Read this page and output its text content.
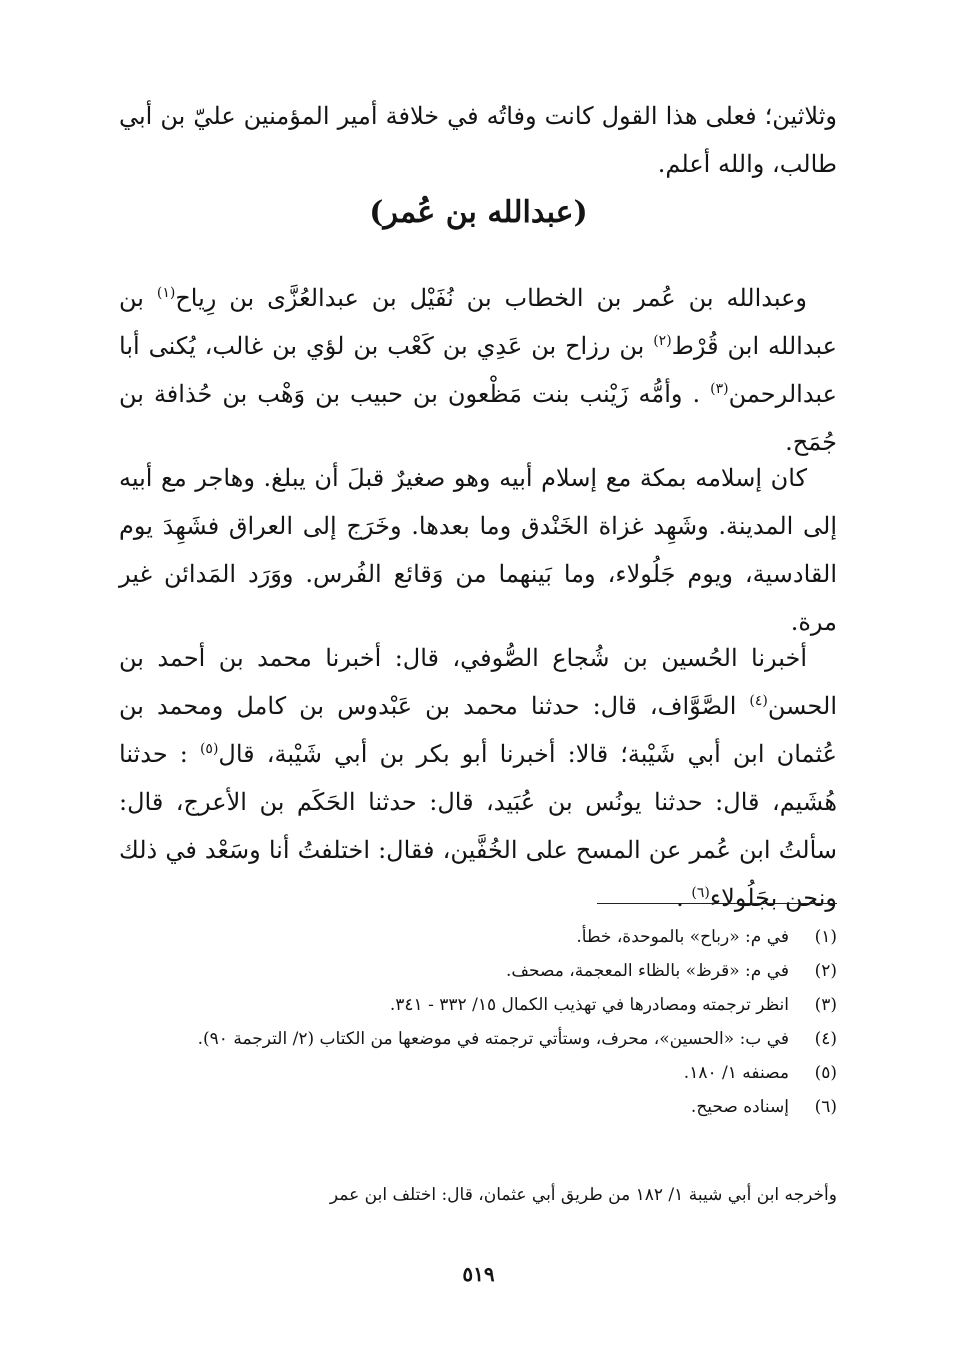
وثلاثين؛ فعلى هذا القول كانت وفاتُه في خلافة أمير المؤمنين عليّ بن أبي طالب، والله أعلم.

(عبدالله بن عُمر)

وعبدالله بن عُمر بن الخطاب بن نُفَيْل بن عبدالعُزَّى بن رِياح$^{(١)}$ بن عبدالله ابن قُرْط$^{(٢)}$ بن رزاح بن عَدِي بن كَعْب بن لؤي بن غالب، يُكنى أبا عبدالرحمن$^{(٣)}$ . وأمُّه زَيْنب بنت مَظْعون بن حبيب بن وَهْب بن حُذافة بن جُمَح.

كان إسلامه بمكة مع إسلام أبيه وهو صغيرٌ قبلَ أن يبلغ. وهاجر مع أبيه إلى المدينة. وشَهِد غزاة الخَنْدق وما بعدها. وخَرَج إلى العراق فشَهِدَ يوم القادسية، ويوم جَلُولاء، وما بَينهما من وَقائع الفُرس. ووَرَد المَدائن غير مرة.

أخبرنا الحُسين بن شُجاع الصُّوفي، قال: أخبرنا محمد بن أحمد بن الحسن$^{(٤)}$ الصَّوَّاف، قال: حدثنا محمد بن عَبْدوس بن كامل ومحمد بن عُثمان ابن أبي شَيْبة؛ قالا: أخبرنا أبو بكر بن أبي شَيْبة، قال$^{(٥)}$ : حدثنا هُشَيم، قال: حدثنا يونُس بن عُبَيد، قال: حدثنا الحَكَم بن الأعرج، قال: سألتُ ابن عُمر عن المسح على الخُفَّين، فقال: اختلفتُ أنا وسَعْد في ذلك ونحن بجَلُولاء$^{(٦)}$ .

(١)
في م: «رباح» بالموحدة، خطأ.
(٢)
في م: «قرظ» بالظاء المعجمة، مصحف.
(٣)
انظر ترجمته ومصادرها في تهذيب الكمال ١٥/ ٣٣٢ - ٣٤١.
(٤)
في ب: «الحسين»، محرف، وستأتي ترجمته في موضعها من الكتاب (٢/ الترجمة ٩٠).
(٥)
مصنفه ١/ ١٨٠.
(٦)
إسناده صحيح.

وأخرجه ابن أبي شيبة ١/ ١٨٢ من طريق أبي عثمان، قال: اختلف ابن عمر

٥١٩
